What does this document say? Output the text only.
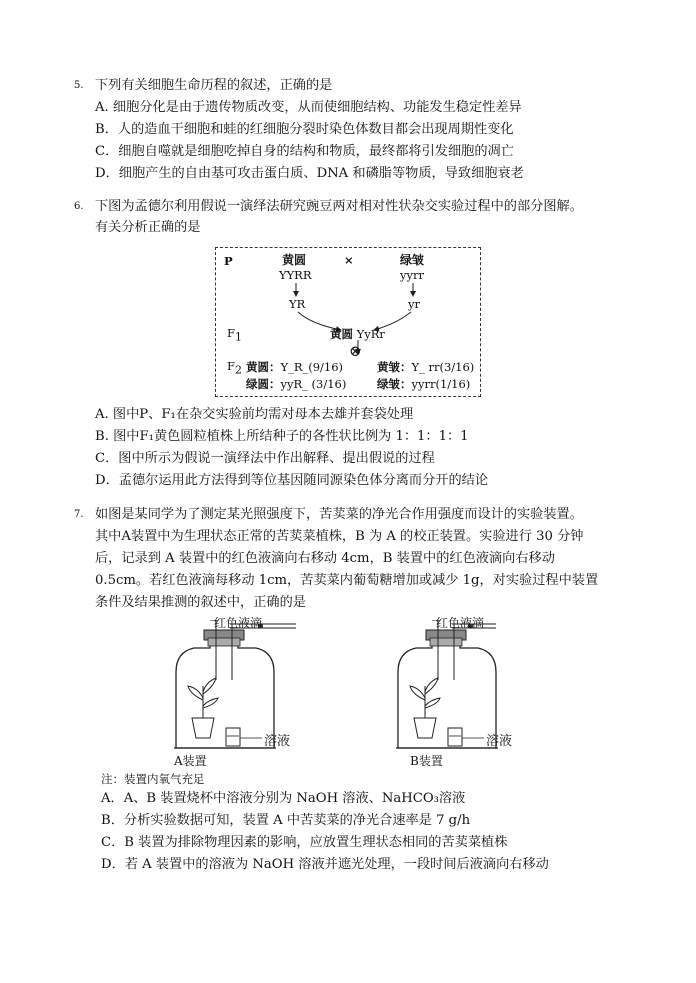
5. 下列有关细胞生命历程的叙述，正确的是
A. 细胞分化是由于遗传物质改变，从而使细胞结构、功能发生稳定性差异
B．人的造血干细胞和蛙的红细胞分裂时染色体数目都会出现周期性变化
C．细胞自噬就是细胞吃掉自身的结构和物质，最终都将引发细胞的凋亡
D．细胞产生的自由基可攻击蛋白质、DNA 和磷脂等物质，导致细胞衰老
6. 下图为孟德尔利用假说一演绎法研究豌豆两对相对性状杂交实验过程中的部分图解。
有关分析正确的是
P	黄圆	×	绿皱
YYRR	yyrr
YR	yr
$F_1$	黄圆 YyRr
⊗
$F_2$ 黄圆：Y_R_(9/16)	黄皱：Y_ rr(3/16)
绿圆：yyR_ (3/16)	绿皱：yyrr(1/16)
A. 图中P、F₁在杂交实验前均需对母本去雄并套袋处理
B. 图中F₁黄色圆粒植株上所结种子的各性状比例为 1：1：1：1
C．图中所示为假说一演绎法中作出解释、提出假说的过程
D．孟德尔运用此方法得到等位基因随同源染色体分离而分开的结论
7. 如图是某同学为了测定某光照强度下，苦荬菜的净光合作用强度而设计的实验装置。
其中A装置中为生理状态正常的苦荬菜植株，B 为 A 的校正装置。实验进行 30 分钟
后，记录到 A 装置中的红色液滴向右移动 4cm，B 装置中的红色液滴向右移动
0.5cm。若红色液滴每移动 1cm，苦荬菜内葡萄糖增加或减少 1g，对实验过程中装置
条件及结果推测的叙述中，正确的是
红色液滴
溶液
A装置
红色液滴
溶液
B装置
注：装置内氧气充足
A．A、B 装置烧杯中溶液分别为 NaOH 溶液、NaHCO₃溶液
B．分析实验数据可知，装置 A 中苦荬菜的净光合速率是 7 g/h
C．B 装置为排除物理因素的影响，应放置生理状态相同的苦荬菜植株
D．若 A 装置中的溶液为 NaOH 溶液并遮光处理，一段时间后液滴向右移动
